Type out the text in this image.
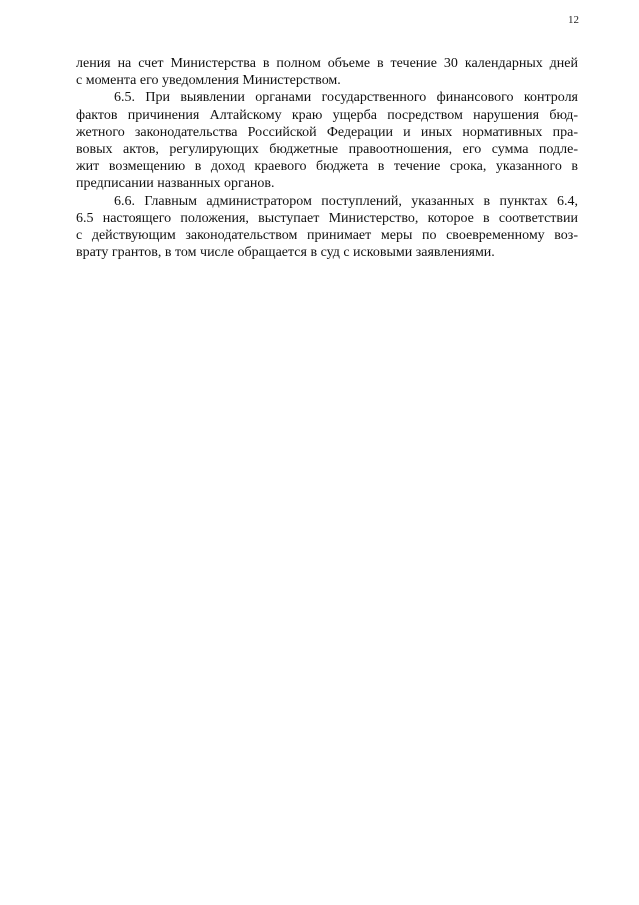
12
ления на счет Министерства в полном объеме в течение 30 календарных дней
с момента его уведомления Министерством.
6.5. При выявлении органами государственного финансового контроля
фактов причинения Алтайскому краю ущерба посредством нарушения бюд-
жетного законодательства Российской Федерации и иных нормативных пра-
вовых актов, регулирующих бюджетные правоотношения, его сумма подле-
жит возмещению в доход краевого бюджета в течение срока, указанного в
предписании названных органов.
6.6. Главным администратором поступлений, указанных в пунктах 6.4,
6.5 настоящего положения, выступает Министерство, которое в соответствии
с действующим законодательством принимает меры по своевременному воз-
врату грантов, в том числе обращается в суд с исковыми заявлениями.
